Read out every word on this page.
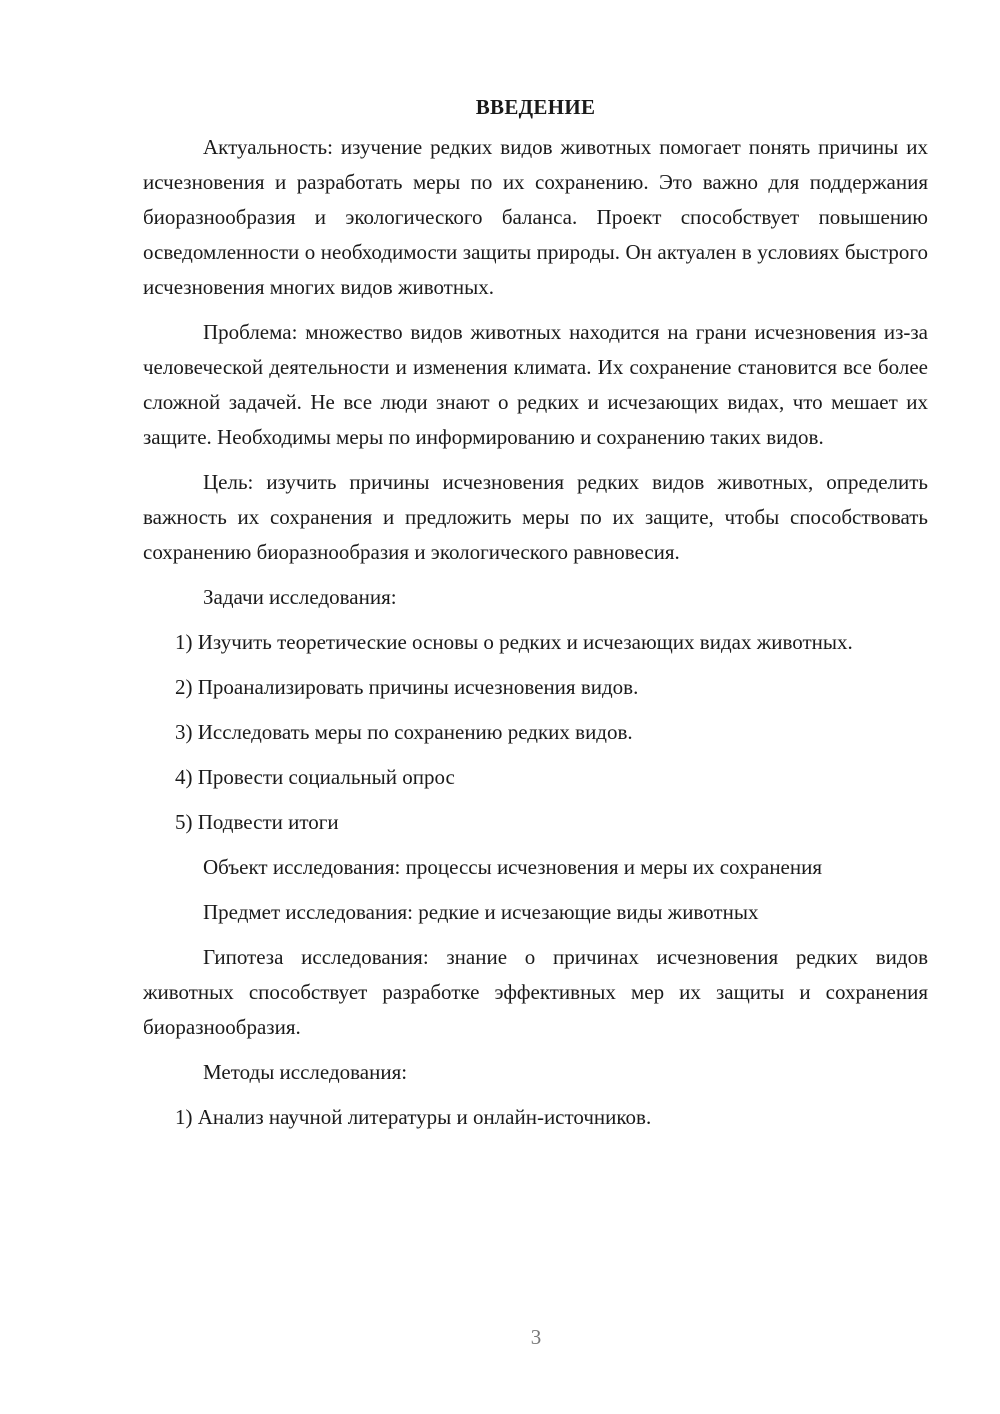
ВВЕДЕНИЕ

Актуальность: изучение редких видов животных помогает понять причины их исчезновения и разработать меры по их сохранению. Это важно для поддержания биоразнообразия и экологического баланса. Проект способствует повышению осведомленности о необходимости защиты природы. Он актуален в условиях быстрого исчезновения многих видов животных.

Проблема: множество видов животных находится на грани исчезновения из-за человеческой деятельности и изменения климата. Их сохранение становится все более сложной задачей. Не все люди знают о редких и исчезающих видах, что мешает их защите. Необходимы меры по информированию и сохранению таких видов.

Цель: изучить причины исчезновения редких видов животных, определить важность их сохранения и предложить меры по их защите, чтобы способствовать сохранению биоразнообразия и экологического равновесия.

Задачи исследования:

1) Изучить теоретические основы о редких и исчезающих видах животных.

2) Проанализировать причины исчезновения видов.

3) Исследовать меры по сохранению редких видов.

4) Провести социальный опрос

5) Подвести итоги

Объект исследования: процессы исчезновения и меры их сохранения

Предмет исследования: редкие и исчезающие виды животных

Гипотеза исследования: знание о причинах исчезновения редких видов животных способствует разработке эффективных мер их защиты и сохранения биоразнообразия.

Методы исследования:

1) Анализ научной литературы и онлайн-источников.

3
